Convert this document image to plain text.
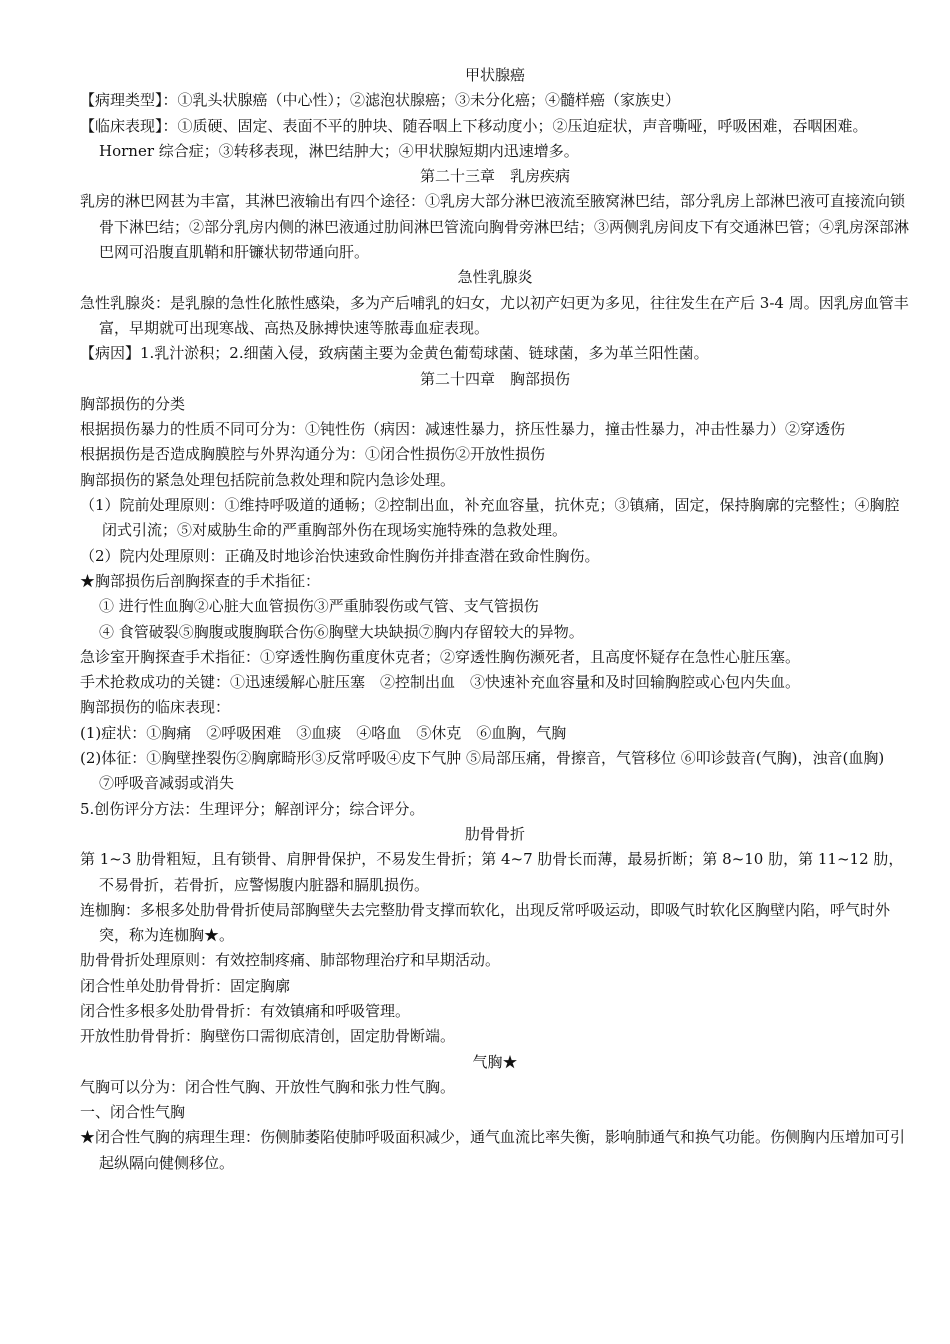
甲状腺癌
【病理类型】：①乳头状腺癌（中心性）；②滤泡状腺癌；③未分化癌；④髓样癌（家族史）
【临床表现】：①质硬、固定、表面不平的肿块、随吞咽上下移动度小；②压迫症状，声音嘶哑，呼吸困难，吞咽困难。Horner 综合症；③转移表现，淋巴结肿大；④甲状腺短期内迅速增多。
第二十三章　乳房疾病
乳房的淋巴网甚为丰富，其淋巴液输出有四个途径：①乳房大部分淋巴液流至腋窝淋巴结，部分乳房上部淋巴液可直接流向锁骨下淋巴结；②部分乳房内侧的淋巴液通过肋间淋巴管流向胸骨旁淋巴结；③两侧乳房间皮下有交通淋巴管；④乳房深部淋巴网可沿腹直肌鞘和肝镰状韧带通向肝。
急性乳腺炎
急性乳腺炎：是乳腺的急性化脓性感染，多为产后哺乳的妇女，尤以初产妇更为多见，往往发生在产后 3-4 周。因乳房血管丰富，早期就可出现寒战、高热及脉搏快速等脓毒血症表现。
【病因】1.乳汁淤积；2.细菌入侵，致病菌主要为金黄色葡萄球菌、链球菌，多为革兰阳性菌。
第二十四章　胸部损伤
胸部损伤的分类
根据损伤暴力的性质不同可分为：①钝性伤（病因：减速性暴力，挤压性暴力，撞击性暴力，冲击性暴力）②穿透伤
根据损伤是否造成胸膜腔与外界沟通分为：①闭合性损伤②开放性损伤
胸部损伤的紧急处理包括院前急救处理和院内急诊处理。
（1）院前处理原则：①维持呼吸道的通畅；②控制出血，补充血容量，抗休克；③镇痛，固定，保持胸廓的完整性；④胸腔闭式引流；⑤对威胁生命的严重胸部外伤在现场实施特殊的急救处理。
（2）院内处理原则：正确及时地诊治快速致命性胸伤并排查潜在致命性胸伤。
★胸部损伤后剖胸探查的手术指征：
① 进行性血胸②心脏大血管损伤③严重肺裂伤或气管、支气管损伤
④ 食管破裂⑤胸腹或腹胸联合伤⑥胸壁大块缺损⑦胸内存留较大的异物。
急诊室开胸探查手术指征：①穿透性胸伤重度休克者；②穿透性胸伤濒死者，且高度怀疑存在急性心脏压塞。
手术抢救成功的关键：①迅速缓解心脏压塞　②控制出血　③快速补充血容量和及时回输胸腔或心包内失血。
胸部损伤的临床表现：
(1)症状：①胸痛　②呼吸困难　③血痰　④咯血　⑤休克　⑥血胸，气胸
(2)体征：①胸壁挫裂伤②胸廓畸形③反常呼吸④皮下气肿 ⑤局部压痛，骨擦音，气管移位 ⑥叩诊鼓音(气胸)，浊音(血胸)　⑦呼吸音减弱或消失
5.创伤评分方法：生理评分；解剖评分；综合评分。
肋骨骨折
第 1~3 肋骨粗短，且有锁骨、肩胛骨保护，不易发生骨折；第 4~7 肋骨长而薄，最易折断；第 8~10 肋，第 11~12 肋，不易骨折，若骨折，应警惕腹内脏器和膈肌损伤。
连枷胸：多根多处肋骨骨折使局部胸壁失去完整肋骨支撑而软化，出现反常呼吸运动，即吸气时软化区胸壁内陷，呼气时外突，称为连枷胸★。
肋骨骨折处理原则：有效控制疼痛、肺部物理治疗和早期活动。
闭合性单处肋骨骨折：固定胸廓
闭合性多根多处肋骨骨折：有效镇痛和呼吸管理。
开放性肋骨骨折：胸壁伤口需彻底清创，固定肋骨断端。
气胸★
气胸可以分为：闭合性气胸、开放性气胸和张力性气胸。
一、闭合性气胸
★闭合性气胸的病理生理：伤侧肺萎陷使肺呼吸面积减少，通气血流比率失衡，影响肺通气和换气功能。伤侧胸内压增加可引起纵隔向健侧移位。
